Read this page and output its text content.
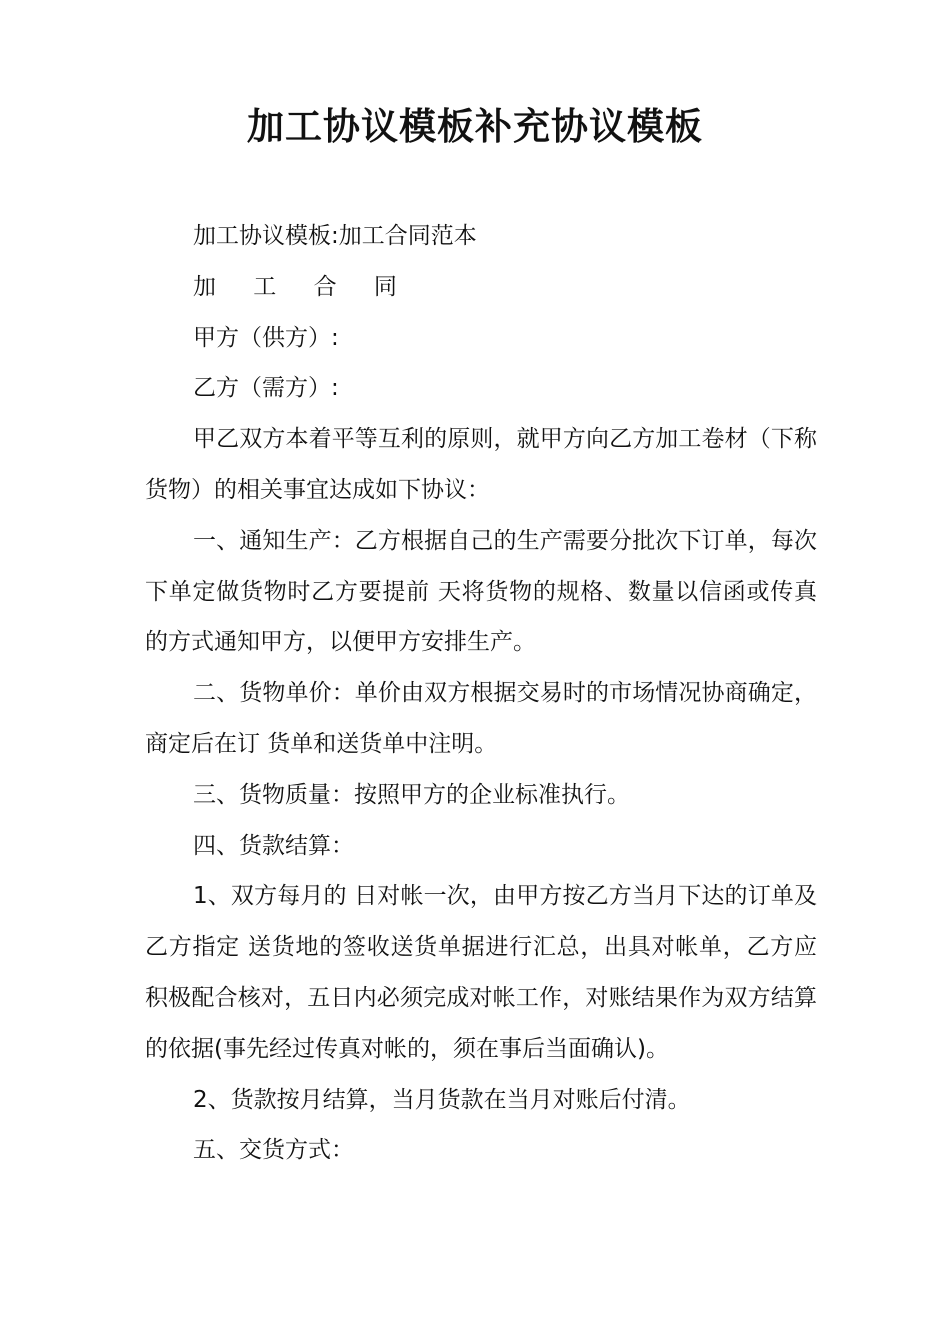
加工协议模板补充协议模板

加工协议模板:加工合同范本

加 工 合 同

甲方（供方）:

乙方（需方）:

甲乙双方本着平等互利的原则，就甲方向乙方加工卷材（下称货物）的相关事宜达成如下协议：

一、通知生产：乙方根据自己的生产需要分批次下订单，每次下单定做货物时乙方要提前 天将货物的规格、数量以信函或传真的方式通知甲方，以便甲方安排生产。

二、货物单价：单价由双方根据交易时的市场情况协商确定，商定后在订 货单和送货单中注明。

三、货物质量：按照甲方的企业标准执行。

四、货款结算：

1、双方每月的 日对帐一次，由甲方按乙方当月下达的订单及乙方指定 送货地的签收送货单据进行汇总，出具对帐单，乙方应积极配合核对，五日内必须完成对帐工作，对账结果作为双方结算的依据(事先经过传真对帐的，须在事后当面确认)。

2、货款按月结算，当月货款在当月对账后付清。

五、交货方式：
